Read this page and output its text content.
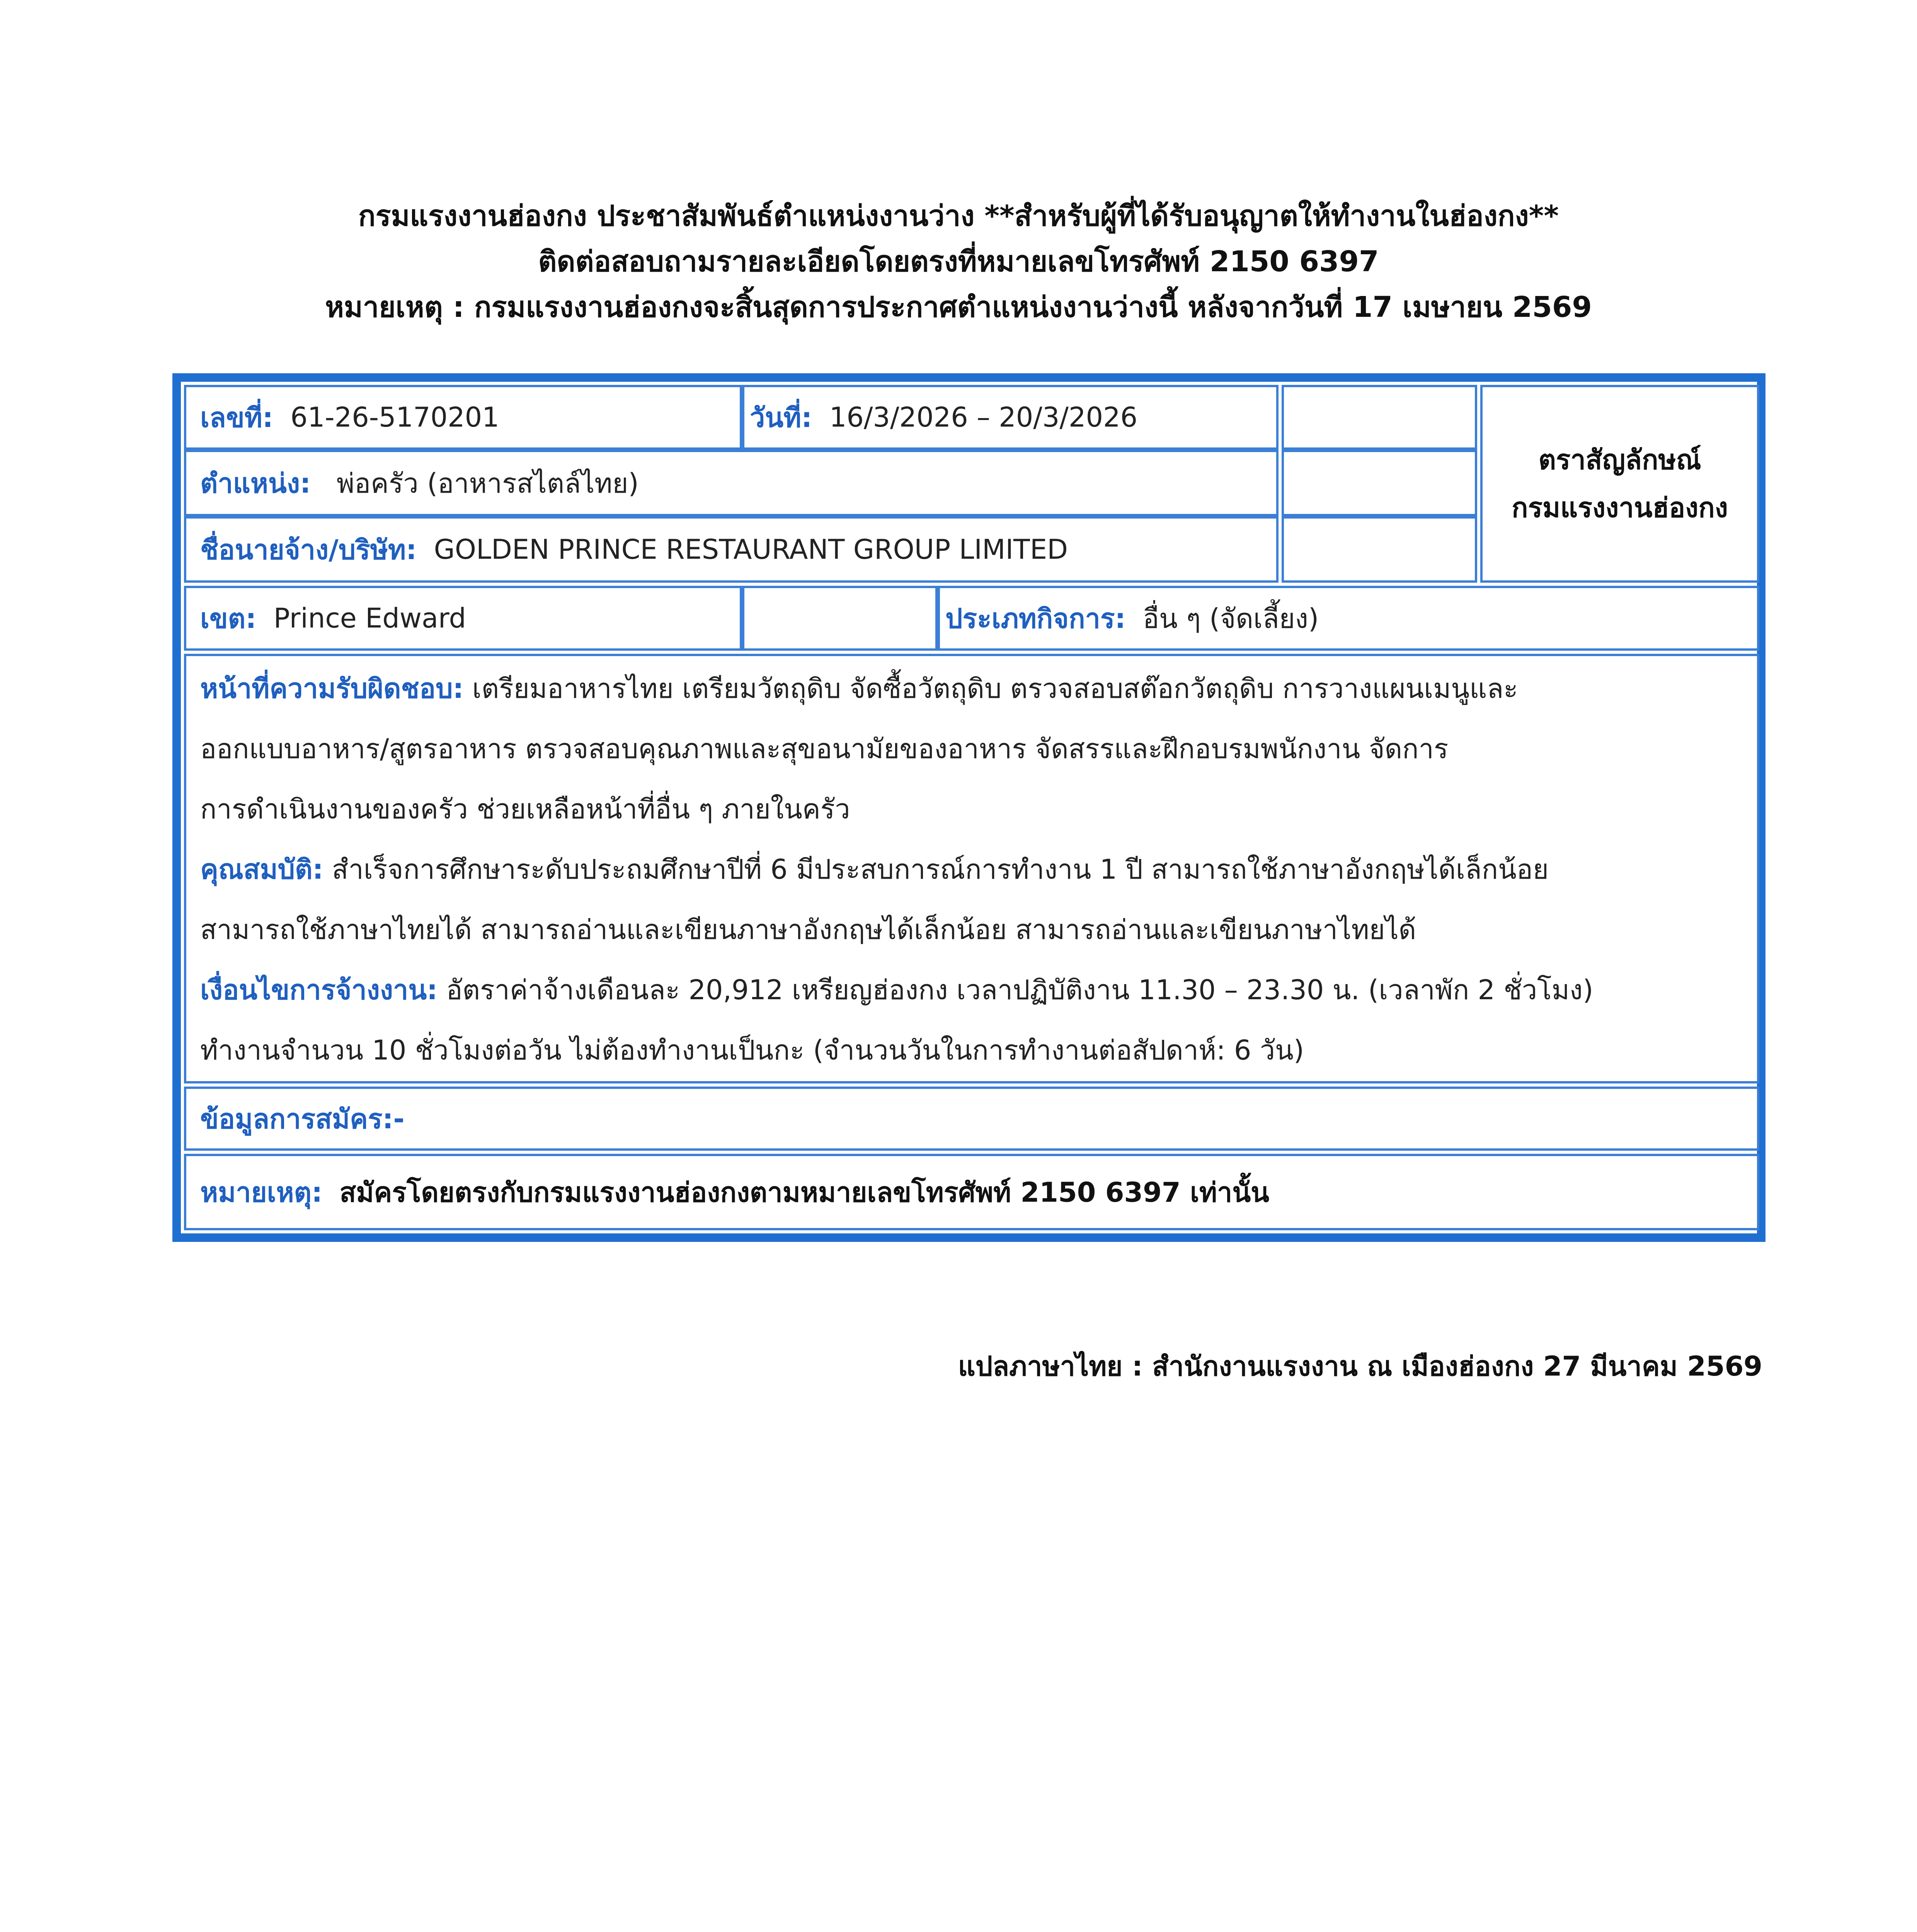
กรมแรงงานฮ่องกง ประชาสัมพันธ์ตำแหน่งงานว่าง **สำหรับผู้ที่ได้รับอนุญาตให้ทำงานในฮ่องกง**
ติดต่อสอบถามรายละเอียดโดยตรงที่หมายเลขโทรศัพท์ 2150 6397
หมายเหตุ : กรมแรงงานฮ่องกงจะสิ้นสุดการประกาศตำแหน่งงานว่างนี้ หลังจากวันที่ 17 เมษายน 2569
เลขที่:
61-26-5170201	วันที่:
16/3/2026 – 20/3/2026
ตราสัญลักษณ์
กรมแรงงานฮ่องกง
ตำแหน่ง:
พ่อครัว (อาหารสไตล์ไทย)
ชื่อนายจ้าง/บริษัท:
GOLDEN PRINCE RESTAURANT GROUP LIMITED
เขต:
Prince Edward	ประเภทกิจการ:
อื่น ๆ (จัดเลี้ยง)
หน้าที่ความรับผิดชอบ: เตรียมอาหารไทย เตรียมวัตถุดิบ จัดซื้อวัตถุดิบ ตรวจสอบสต๊อกวัตถุดิบ การวางแผนเมนูและ
ออกแบบอาหาร/สูตรอาหาร ตรวจสอบคุณภาพและสุขอนามัยของอาหาร จัดสรรและฝึกอบรมพนักงาน จัดการ
การดำเนินงานของครัว ช่วยเหลือหน้าที่อื่น ๆ ภายในครัว
คุณสมบัติ: สำเร็จการศึกษาระดับประถมศึกษาปีที่ 6 มีประสบการณ์การทำงาน 1 ปี สามารถใช้ภาษาอังกฤษได้เล็กน้อย
สามารถใช้ภาษาไทยได้ สามารถอ่านและเขียนภาษาอังกฤษได้เล็กน้อย สามารถอ่านและเขียนภาษาไทยได้
เงื่อนไขการจ้างงาน: อัตราค่าจ้างเดือนละ 20,912 เหรียญฮ่องกง เวลาปฏิบัติงาน 11.30 – 23.30 น. (เวลาพัก 2 ชั่วโมง)
ทำงานจำนวน 10 ชั่วโมงต่อวัน ไม่ต้องทำงานเป็นกะ (จำนวนวันในการทำงานต่อสัปดาห์: 6 วัน)
ข้อมูลการสมัคร:-
หมายเหตุ:
สมัครโดยตรงกับกรมแรงงานฮ่องกงตามหมายเลขโทรศัพท์ 2150 6397 เท่านั้น
แปลภาษาไทย : สำนักงานแรงงาน ณ เมืองฮ่องกง 27 มีนาคม 2569
